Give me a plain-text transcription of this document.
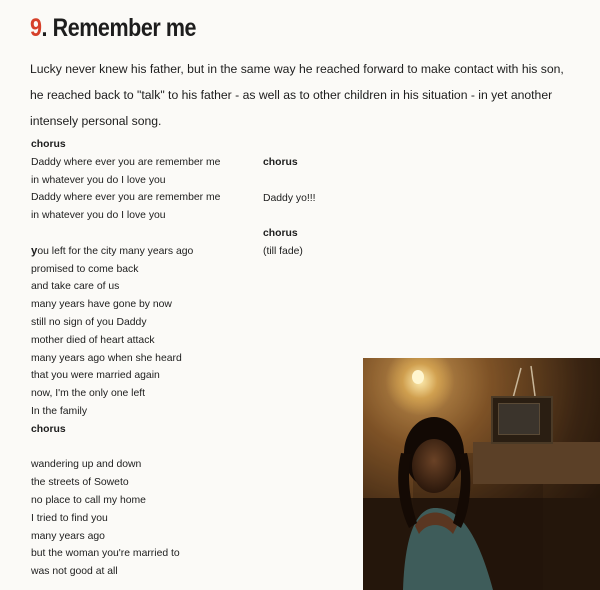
9. Remember me

Lucky never knew his father, but in the same way he reached forward to make contact with his son,

he reached back to "talk" to his father - as well as to other children in his situation - in yet another

intensely personal song.

chorus
Daddy where ever you are remember me
in whatever you do I love you
Daddy where ever you are remember me
in whatever you do I love you
you left for the city many years ago
promised to come back
and take care of us
many years have gone by now
still no sign of you Daddy
mother died of heart attack
many years ago when she heard
that you were married again
now, I'm the only one left
In the family
chorus
wandering up and down
the streets of Soweto
no place to call my home
I tried to find you
many years ago
but the woman you're married to
was not good at all
chorus
Daddy yo!!!
chorus
(till fade)
